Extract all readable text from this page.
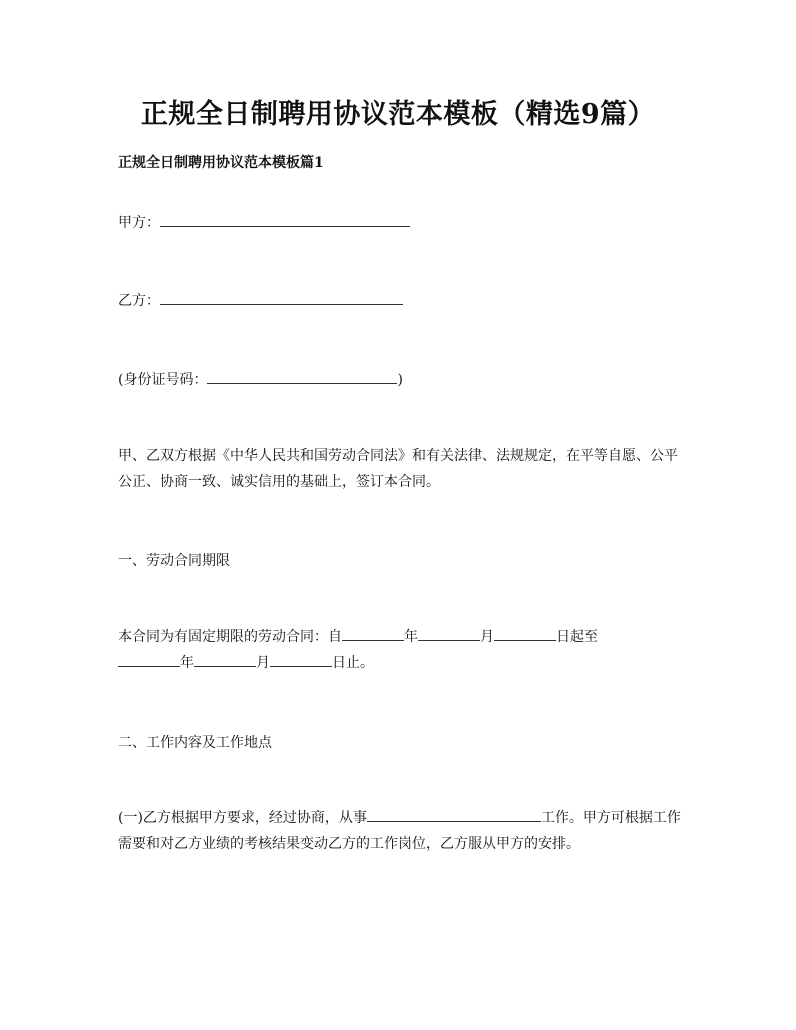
正规全日制聘用协议范本模板（精选9篇）
正规全日制聘用协议范本模板篇1
甲方：
乙方：
(身份证号码：	)
甲、乙双方根据《中华人民共和国劳动合同法》和有关法律、法规规定，在平等自愿、公平公正、协商一致、诚实信用的基础上，签订本合同。
一、劳动合同期限
本合同为有固定期限的劳动合同：自	年	月	日起至
年	月	日止。
二、工作内容及工作地点
(一)乙方根据甲方要求，经过协商，从事	工作。甲方可根据工作需要和对乙方业绩的考核结果变动乙方的工作岗位，乙方服从甲方的安排。
